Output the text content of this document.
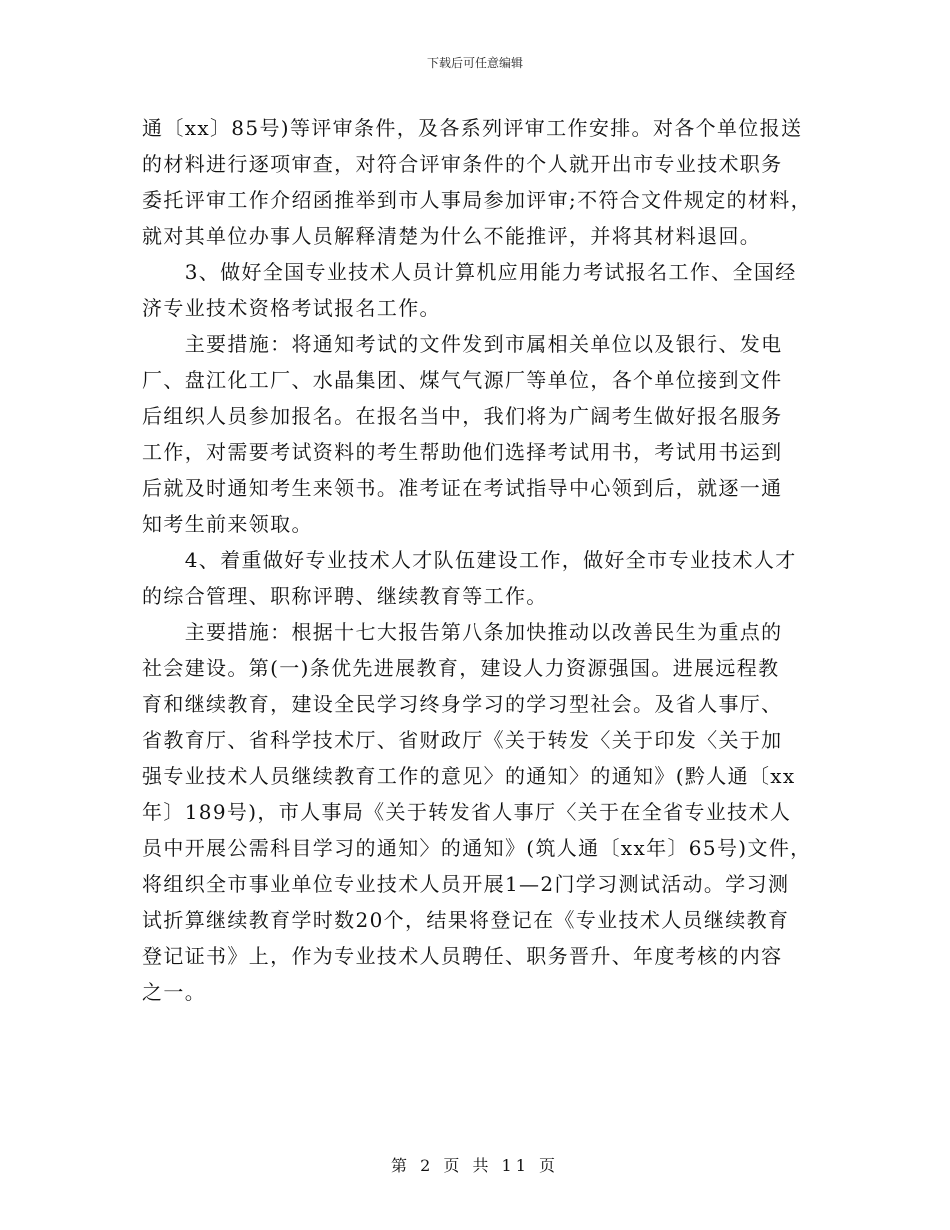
下载后可任意编辑
通〔xx〕85号)等评审条件，及各系列评审工作安排。对各个单位报送
的材料进行逐项审查，对符合评审条件的个人就开出市专业技术职务
委托评审工作介绍函推举到市人事局参加评审;不符合文件规定的材料，
就对其单位办事人员解释清楚为什么不能推评，并将其材料退回。
　　3、做好全国专业技术人员计算机应用能力考试报名工作、全国经
济专业技术资格考试报名工作。
　　主要措施：将通知考试的文件发到市属相关单位以及银行、发电
厂、盘江化工厂、水晶集团、煤气气源厂等单位，各个单位接到文件
后组织人员参加报名。在报名当中，我们将为广阔考生做好报名服务
工作，对需要考试资料的考生帮助他们选择考试用书，考试用书运到
后就及时通知考生来领书。准考证在考试指导中心领到后，就逐一通
知考生前来领取。
　　4、着重做好专业技术人才队伍建设工作，做好全市专业技术人才
的综合管理、职称评聘、继续教育等工作。
　　主要措施：根据十七大报告第八条加快推动以改善民生为重点的
社会建设。第(一)条优先进展教育，建设人力资源强国。进展远程教
育和继续教育，建设全民学习终身学习的学习型社会。及省人事厅、
省教育厅、省科学技术厅、省财政厅《关于转发〈关于印发〈关于加
强专业技术人员继续教育工作的意见〉的通知〉的通知》(黔人通〔xx
年〕189号)，市人事局《关于转发省人事厅〈关于在全省专业技术人
员中开展公需科目学习的通知〉的通知》(筑人通〔xx年〕65号)文件，
将组织全市事业单位专业技术人员开展1—2门学习测试活动。学习测
试折算继续教育学时数20个，结果将登记在《专业技术人员继续教育
登记证书》上，作为专业技术人员聘任、职务晋升、年度考核的内容
之一。
第 2 页 共 11 页
